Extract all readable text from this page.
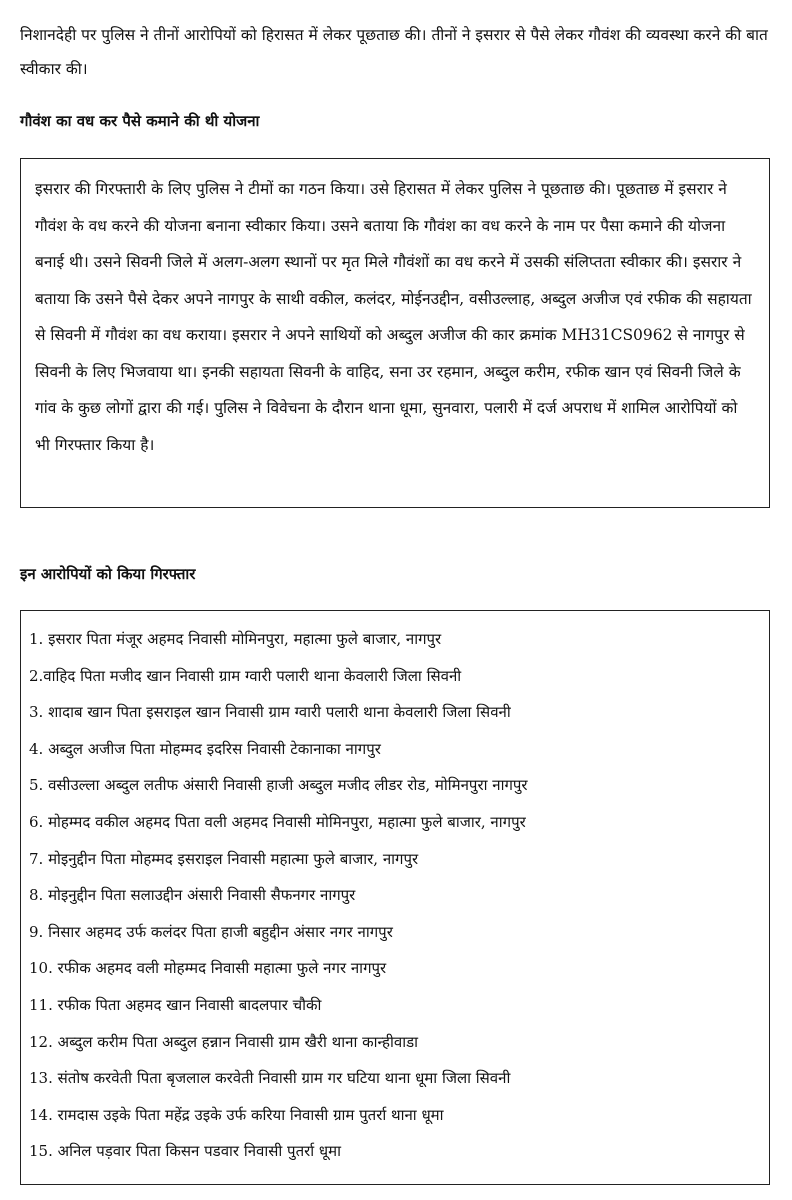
निशानदेही पर पुलिस ने तीनों आरोपियों को हिरासत में लेकर पूछताछ की। तीनों ने इसरार से पैसे लेकर गौवंश की व्यवस्था करने की बात स्वीकार की।

गौवंश का वध कर पैसे कमाने की थी योजना

इसरार की गिरफ्तारी के लिए पुलिस ने टीमों का गठन किया। उसे हिरासत में लेकर पुलिस ने पूछताछ की। पूछताछ में इसरार ने गौवंश के वध करने की योजना बनाना स्वीकार किया। उसने बताया कि गौवंश का वध करने के नाम पर पैसा कमाने की योजना बनाई थी। उसने सिवनी जिले में अलग-अलग स्थानों पर मृत मिले गौवंशों का वध करने में उसकी संलिप्तता स्वीकार की। इसरार ने बताया कि उसने पैसे देकर अपने नागपुर के साथी वकील, कलंदर, मोईनउद्दीन, वसीउल्लाह, अब्दुल अजीज एवं रफीक की सहायता से सिवनी में गौवंश का वध कराया। इसरार ने अपने साथियों को अब्दुल अजीज की कार क्रमांक MH31CS0962 से नागपुर से सिवनी के लिए भिजवाया था। इनकी सहायता सिवनी के वाहिद, सना उर रहमान, अब्दुल करीम, रफीक खान एवं सिवनी जिले के गांव के कुछ लोगों द्वारा की गई। पुलिस ने विवेचना के दौरान थाना धूमा, सुनवारा, पलारी में दर्ज अपराध में शामिल आरोपियों को भी गिरफ्तार किया है।

इन आरोपियों को किया गिरफ्तार
1. इसरार पिता मंजूर अहमद निवासी मोमिनपुरा, महात्मा फुले बाजार, नागपुर
2.वाहिद पिता मजीद खान निवासी ग्राम ग्वारी पलारी थाना केवलारी जिला सिवनी
3. शादाब खान पिता इसराइल खान निवासी ग्राम ग्वारी पलारी थाना केवलारी जिला सिवनी
4. अब्दुल अजीज पिता मोहम्मद इदरिस निवासी टेकानाका नागपुर
5. वसीउल्ला अब्दुल लतीफ अंसारी निवासी हाजी अब्दुल मजीद लीडर रोड, मोमिनपुरा नागपुर
6. मोहम्मद वकील अहमद पिता वली अहमद निवासी मोमिनपुरा, महात्मा फुले बाजार, नागपुर
7. मोइनुद्दीन पिता मोहम्मद इसराइल निवासी महात्मा फुले बाजार, नागपुर
8. मोइनुद्दीन पिता सलाउद्दीन अंसारी निवासी सैफनगर नागपुर
9. निसार अहमद उर्फ कलंदर पिता हाजी बहुद्दीन अंसार नगर नागपुर
10. रफीक अहमद वली मोहम्मद निवासी महात्मा फुले नगर नागपुर
11. रफीक पिता अहमद खान निवासी बादलपार चौकी
12. अब्दुल करीम पिता अब्दुल हन्नान निवासी ग्राम खैरी थाना कान्हीवाडा
13. संतोष करवेती पिता बृजलाल करवेती निवासी ग्राम गर घटिया थाना धूमा जिला सिवनी
14. रामदास उइके पिता महेंद्र उइके उर्फ करिया निवासी ग्राम पुतर्रा थाना धूमा
15. अनिल पड़वार पिता किसन पडवार निवासी पुतर्रा धूमा
